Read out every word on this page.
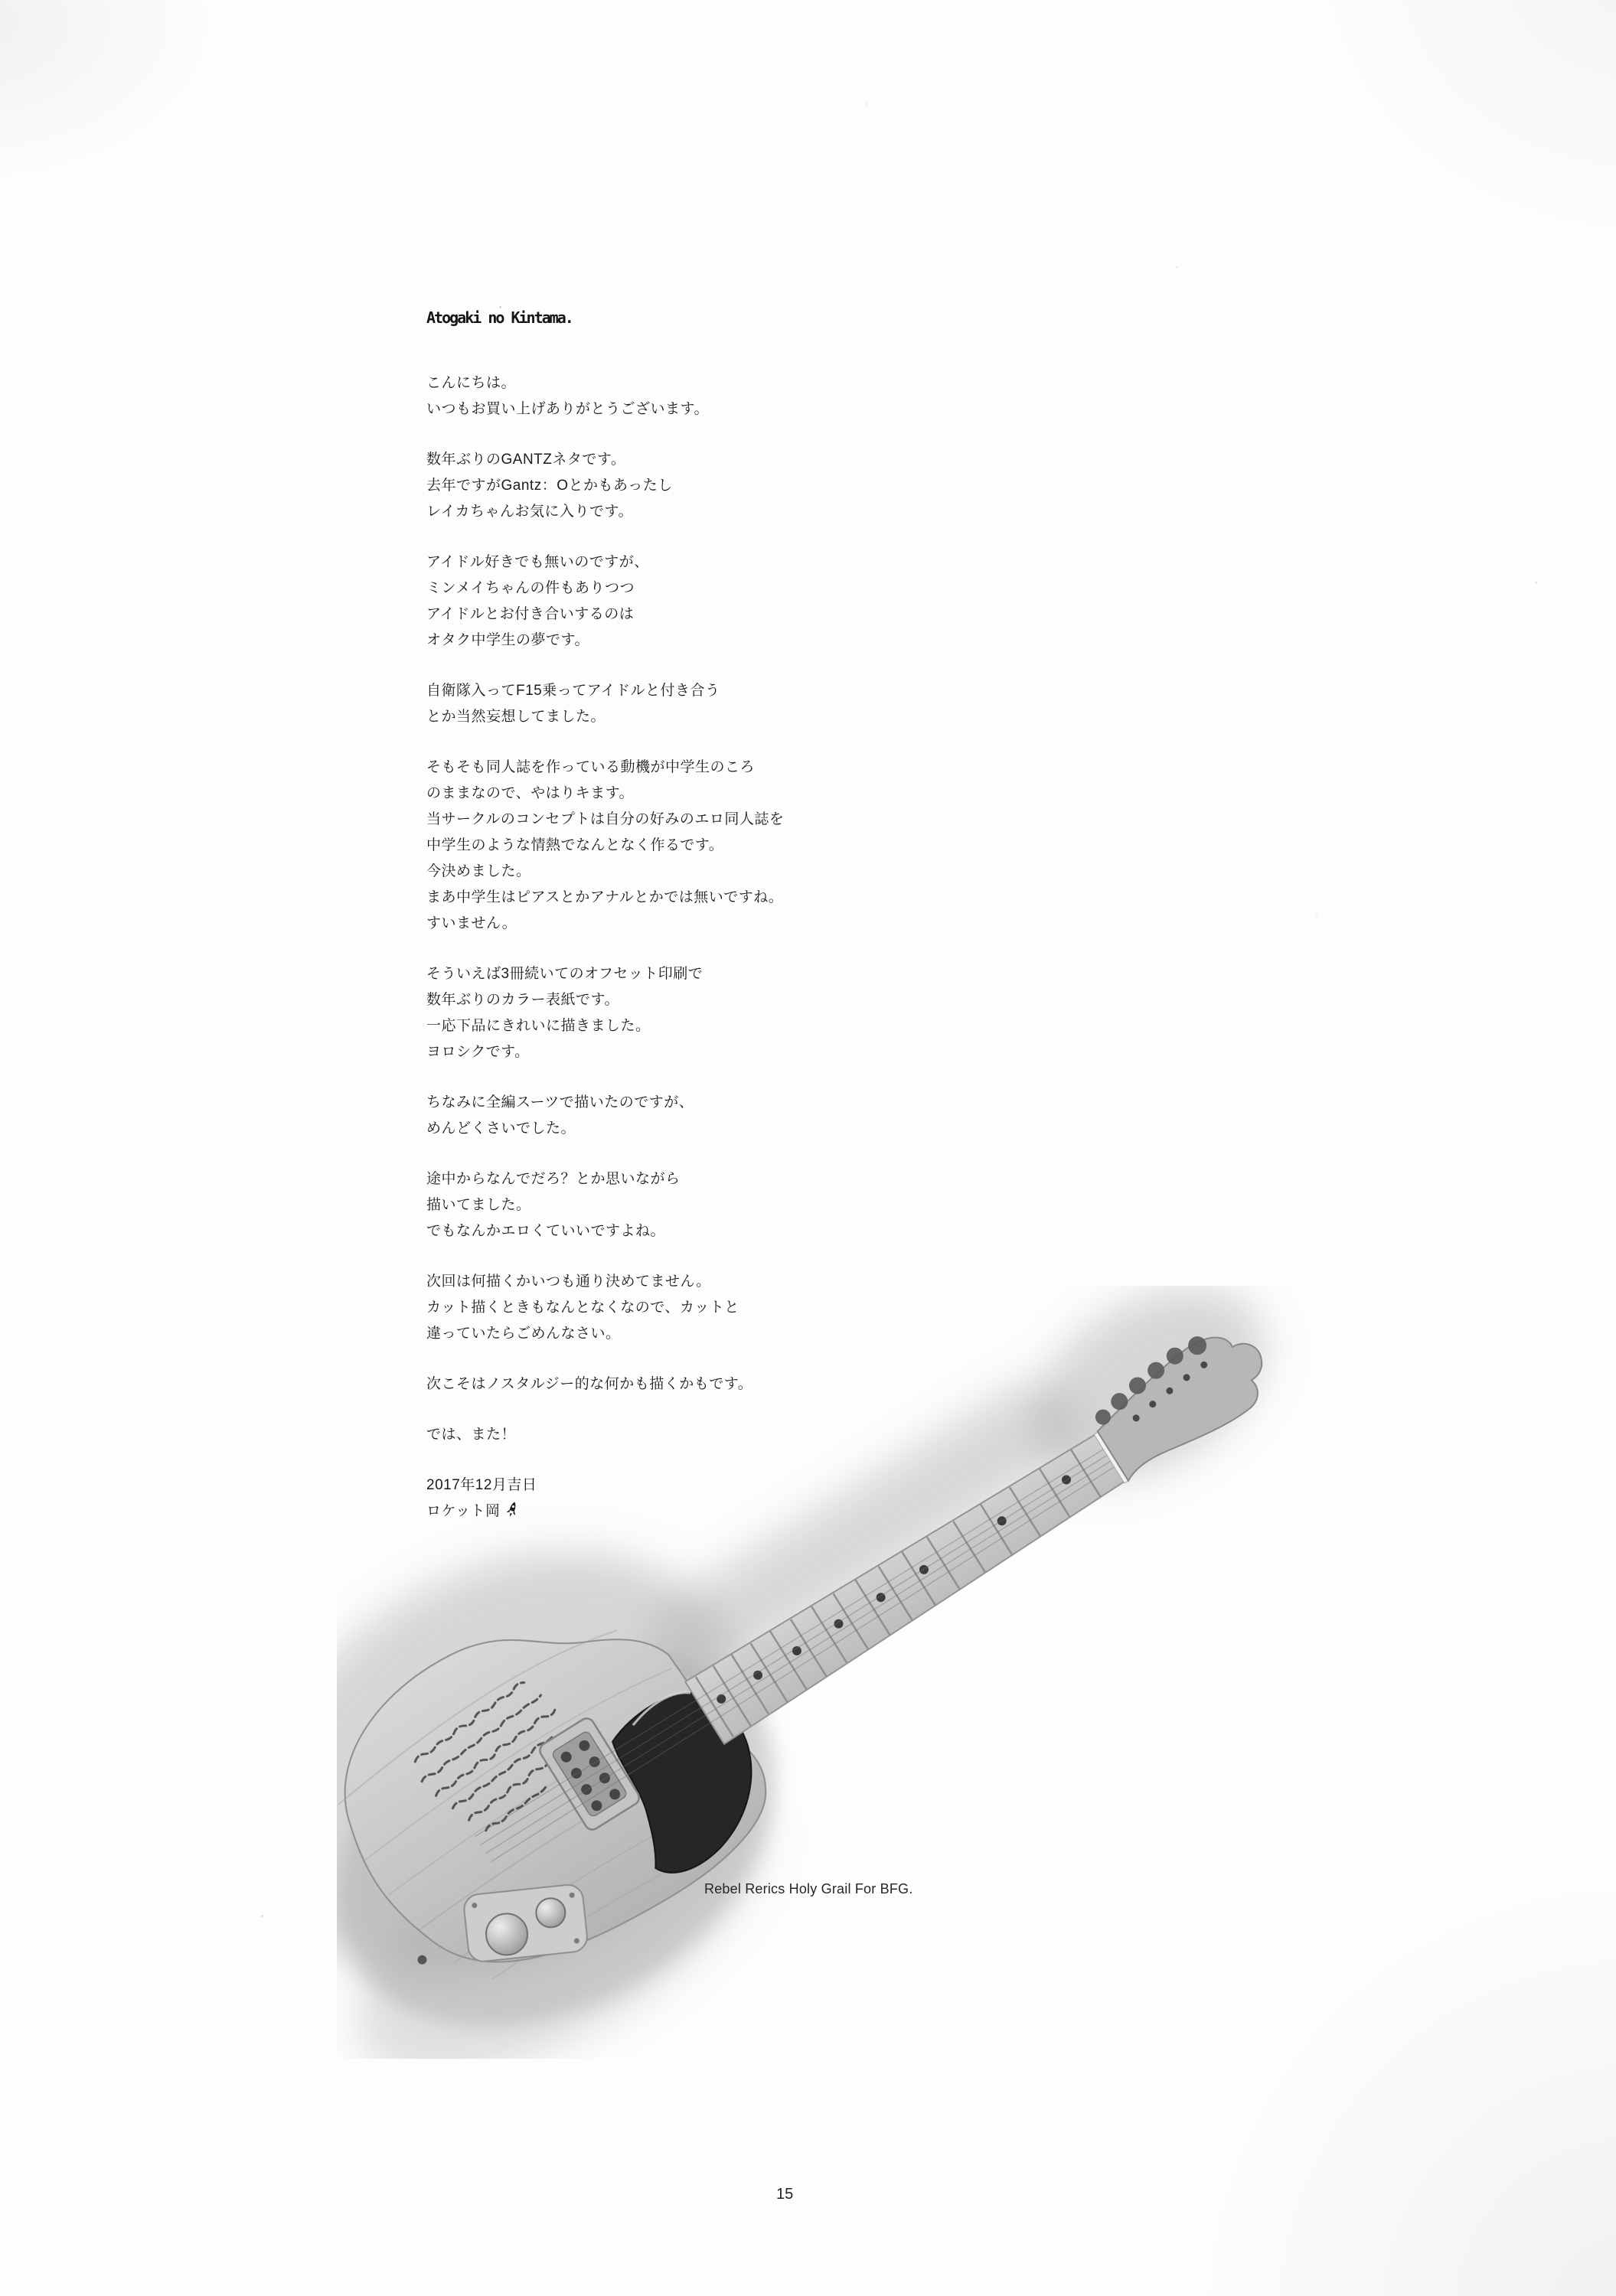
Atogaki no Kintama.
こんにちは。
いつもお買い上げありがとうございます。
数年ぶりのGANTZネタです。
去年ですがGantz：Oとかもあったし
レイカちゃんお気に入りです。
アイドル好きでも無いのですが、
ミンメイちゃんの件もありつつ
アイドルとお付き合いするのは
オタク中学生の夢です。
自衛隊入ってF15乗ってアイドルと付き合う
とか当然妄想してました。
そもそも同人誌を作っている動機が中学生のころ
のままなので、やはりキます。
当サークルのコンセプトは自分の好みのエロ同人誌を
中学生のような情熱でなんとなく作るです。
今決めました。
まあ中学生はピアスとかアナルとかでは無いですね。
すいません。
そういえば3冊続いてのオフセット印刷で
数年ぶりのカラー表紙です。
一応下品にきれいに描きました。
ヨロシクです。
ちなみに全編スーツで描いたのですが、
めんどくさいでした。
途中からなんでだろ？とか思いながら
描いてました。
でもなんかエロくていいですよね。
次回は何描くかいつも通り決めてません。
カット描くときもなんとなくなので、カットと
違っていたらごめんなさい。
次こそはノスタルジー的な何かも描くかもです。
では、また！
2017年12月吉日
ロケット岡
Rebel Rerics Holy Grail For BFG.
15
